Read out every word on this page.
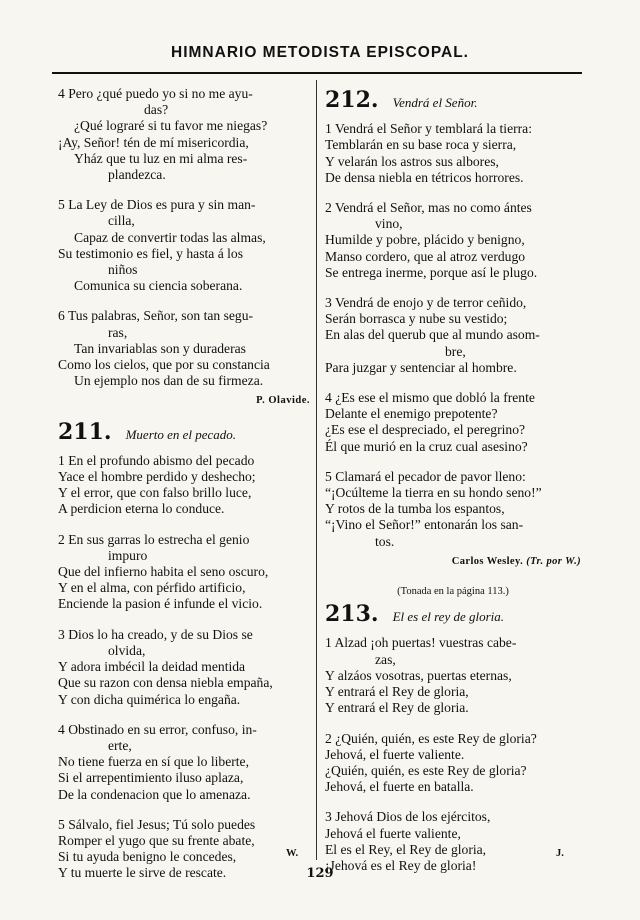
HIMNARIO METODISTA EPISCOPAL.
4 Pero ¿qué puedo yo si no me ayu-
das?
¿Qué lograré si tu favor me niegas?
¡Ay, Señor! tén de mí misericordia,
Yház que tu luz en mi alma res-
plandezca.
5 La Ley de Dios es pura y sin man-
cilla,
Capaz de convertir todas las almas,
Su testimonio es fiel, y hasta á los
niños
Comunica su ciencia soberana.
6 Tus palabras, Señor, son tan segu-
ras,
Tan invariablas son y duraderas
Como los cielos, que por su constancia
Un ejemplo nos dan de su firmeza.
P. Olavide.
211. Muerto en el pecado.
1 En el profundo abismo del pecado
Yace el hombre perdido y deshecho;
Y el error, que con falso brillo luce,
A perdicion eterna lo conduce.
2 En sus garras lo estrecha el genio
impuro
Que del infierno habita el seno oscuro,
Y en el alma, con pérfido artificio,
Enciende la pasion é infunde el vicio.
3 Dios lo ha creado, y de su Dios se
olvida,
Y adora imbécil la deidad mentida
Que su razon con densa niebla empaña,
Y con dicha quimérica lo engaña.
4 Obstinado en su error, confuso, in-
erte,
No tiene fuerza en sí que lo liberte,
Si el arrepentimiento iluso aplaza,
De la condenacion que lo amenaza.
5 Sálvalo, fiel Jesus; Tú solo puedes
Romper el yugo que su frente abate,
Si tu ayuda benigno le concedes,
Y tu muerte le sirve de rescate.
212. Vendrá el Señor.
1 Vendrá el Señor y temblará la tierra:
Temblarán en su base roca y sierra,
Y velarán los astros sus albores,
De densa niebla en tétricos horrores.
2 Vendrá el Señor, mas no como ántes
vino,
Humilde y pobre, plácido y benigno,
Manso cordero, que al atroz verdugo
Se entrega inerme, porque así le plugo.
3 Vendrá de enojo y de terror ceñido,
Serán borrasca y nube su vestido;
En alas del querub que al mundo asom-
bre,
Para juzgar y sentenciar al hombre.
4 ¿Es ese el mismo que dobló la frente
Delante el enemigo prepotente?
¿Es ese el despreciado, el peregrino?
Él que murió en la cruz cual asesino?
5 Clamará el pecador de pavor lleno:
“¡Ocúlteme la tierra en su hondo seno!”
Y rotos de la tumba los espantos,
“¡Vino el Señor!” entonarán los san-
tos.
Carlos Wesley. (Tr. por W.)
(Tonada en la página 113.)
213. El es el rey de gloria.
1 Alzad ¡oh puertas! vuestras cabe-
zas,
Y alzáos vosotras, puertas eternas,
Y entrará el Rey de gloria,
Y entrará el Rey de gloria.
2 ¿Quién, quién, es este Rey de gloria?
Jehová, el fuerte valiente.
¿Quién, quién, es este Rey de gloria?
Jehová, el fuerte en batalla.
3 Jehová Dios de los ejércitos,
Jehová el fuerte valiente,
El es el Rey, el Rey de gloria,
¡Jehová es el Rey de gloria!
W.	J.
129
